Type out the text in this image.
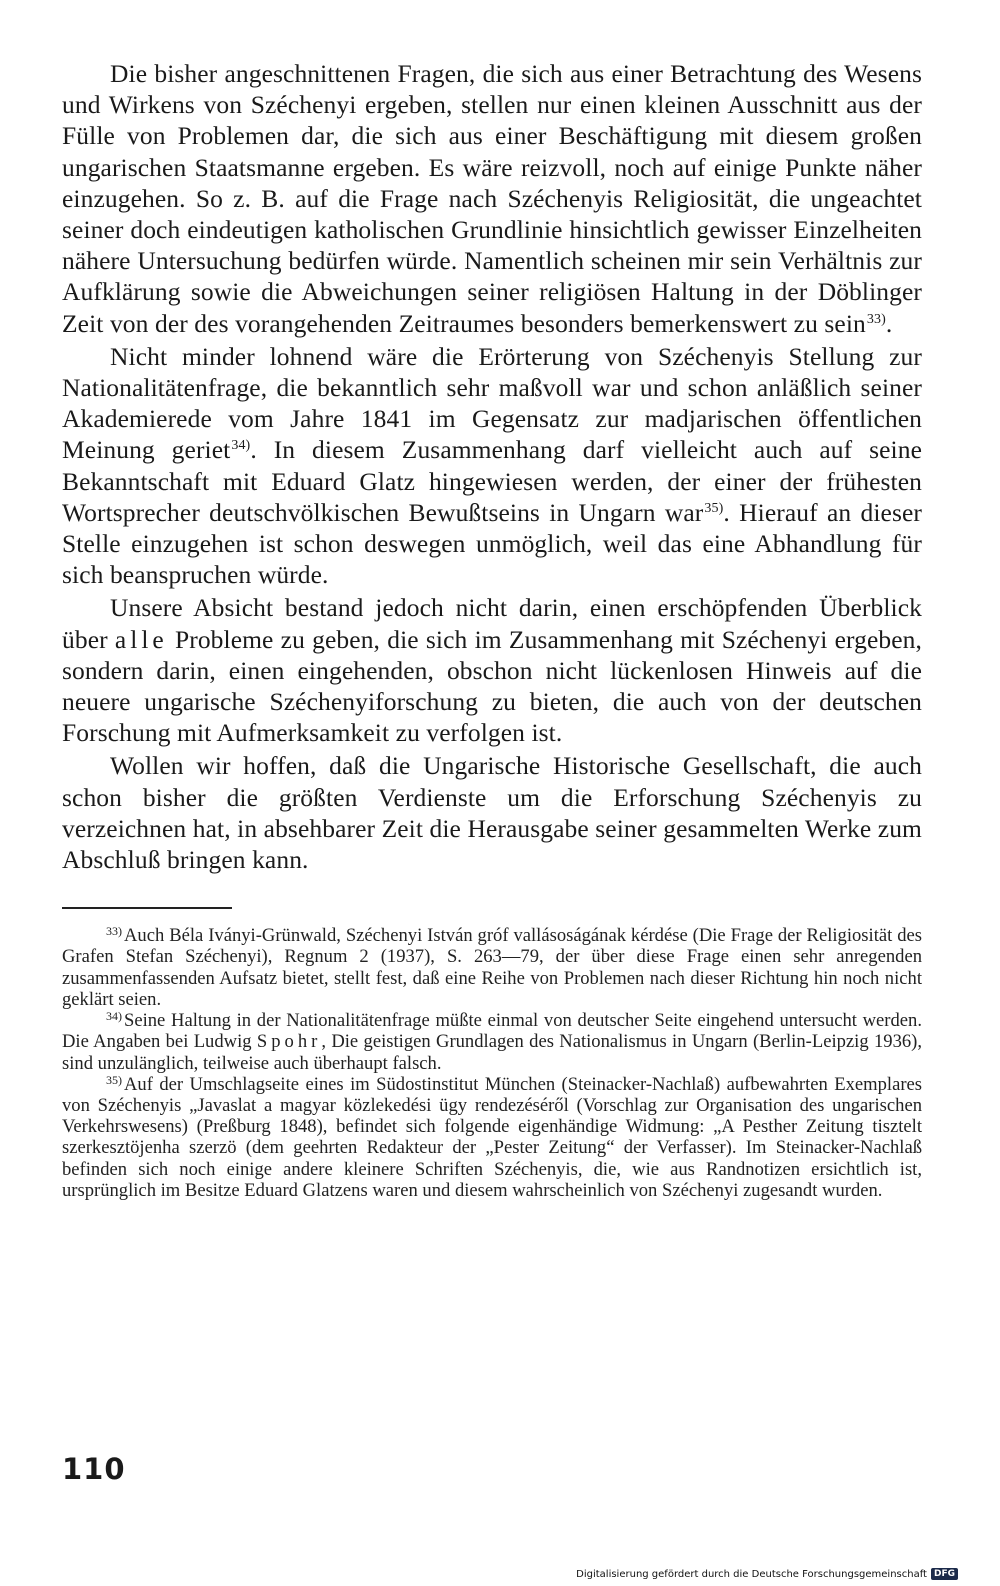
Die bisher angeschnittenen Fragen, die sich aus einer Betrachtung des Wesens und Wirkens von Széchenyi ergeben, stellen nur einen kleinen Ausschnitt aus der Fülle von Problemen dar, die sich aus einer Beschäftigung mit diesem großen ungarischen Staatsmanne ergeben. Es wäre reizvoll, noch auf einige Punkte näher einzugehen. So z. B. auf die Frage nach Széchenyis Religiosität, die ungeachtet seiner doch eindeutigen katholischen Grundlinie hinsichtlich gewisser Einzelheiten nähere Untersuchung bedürfen würde. Namentlich scheinen mir sein Verhältnis zur Aufklärung sowie die Abweichungen seiner religiösen Haltung in der Döblinger Zeit von der des vorangehenden Zeitraumes besonders bemerkenswert zu sein$^{33)}$.

Nicht minder lohnend wäre die Erörterung von Széchenyis Stellung zur Nationalitätenfrage, die bekanntlich sehr maßvoll war und schon anläßlich seiner Akademierede vom Jahre 1841 im Gegensatz zur madjarischen öffentlichen Meinung geriet$^{34)}$. In diesem Zusammenhang darf vielleicht auch auf seine Bekanntschaft mit Eduard Glatz hingewiesen werden, der einer der frühesten Wortsprecher deutschvölkischen Bewußtseins in Ungarn war$^{35)}$. Hierauf an dieser Stelle einzugehen ist schon deswegen unmöglich, weil das eine Abhandlung für sich beanspruchen würde.

Unsere Absicht bestand jedoch nicht darin, einen erschöpfenden Überblick über alle Probleme zu geben, die sich im Zusammenhang mit Széchenyi ergeben, sondern darin, einen eingehenden, obschon nicht lückenlosen Hinweis auf die neuere ungarische Széchenyiforschung zu bieten, die auch von der deutschen Forschung mit Aufmerksamkeit zu verfolgen ist.

Wollen wir hoffen, daß die Ungarische Historische Gesellschaft, die auch schon bisher die größten Verdienste um die Erforschung Széchenyis zu verzeichnen hat, in absehbarer Zeit die Herausgabe seiner gesammelten Werke zum Abschluß bringen kann.

$^{33)}$ Auch Béla Iványi-Grünwald, Széchenyi István gróf vallásoságának kérdése (Die Frage der Religiosität des Grafen Stefan Széchenyi), Regnum 2 (1937), S. 263—79, der über diese Frage einen sehr anregenden zusammenfassenden Aufsatz bietet, stellt fest, daß eine Reihe von Problemen nach dieser Richtung hin noch nicht geklärt seien.

$^{34)}$ Seine Haltung in der Nationalitätenfrage müßte einmal von deutscher Seite eingehend untersucht werden. Die Angaben bei Ludwig Spohr, Die geistigen Grundlagen des Nationalismus in Ungarn (Berlin-Leipzig 1936), sind unzulänglich, teilweise auch überhaupt falsch.

$^{35)}$ Auf der Umschlagseite eines im Südostinstitut München (Steinacker-Nachlaß) aufbewahrten Exemplares von Széchenyis „Javaslat a magyar közlekedési ügy rendezéséről (Vorschlag zur Organisation des ungarischen Verkehrswesens) (Preßburg 1848), befindet sich folgende eigenhändige Widmung: „A Pesther Zeitung tisztelt szerkesztöjenha szerzö (dem geehrten Redakteur der „Pester Zeitung“ der Verfasser). Im Steinacker-Nachlaß befinden sich noch einige andere kleinere Schriften Széchenyis, die, wie aus Randnotizen ersichtlich ist, ursprünglich im Besitze Eduard Glatzens waren und diesem wahrscheinlich von Széchenyi zugesandt wurden.

110
Digitalisierung gefördert durch die Deutsche Forschungsgemeinschaft DFG
